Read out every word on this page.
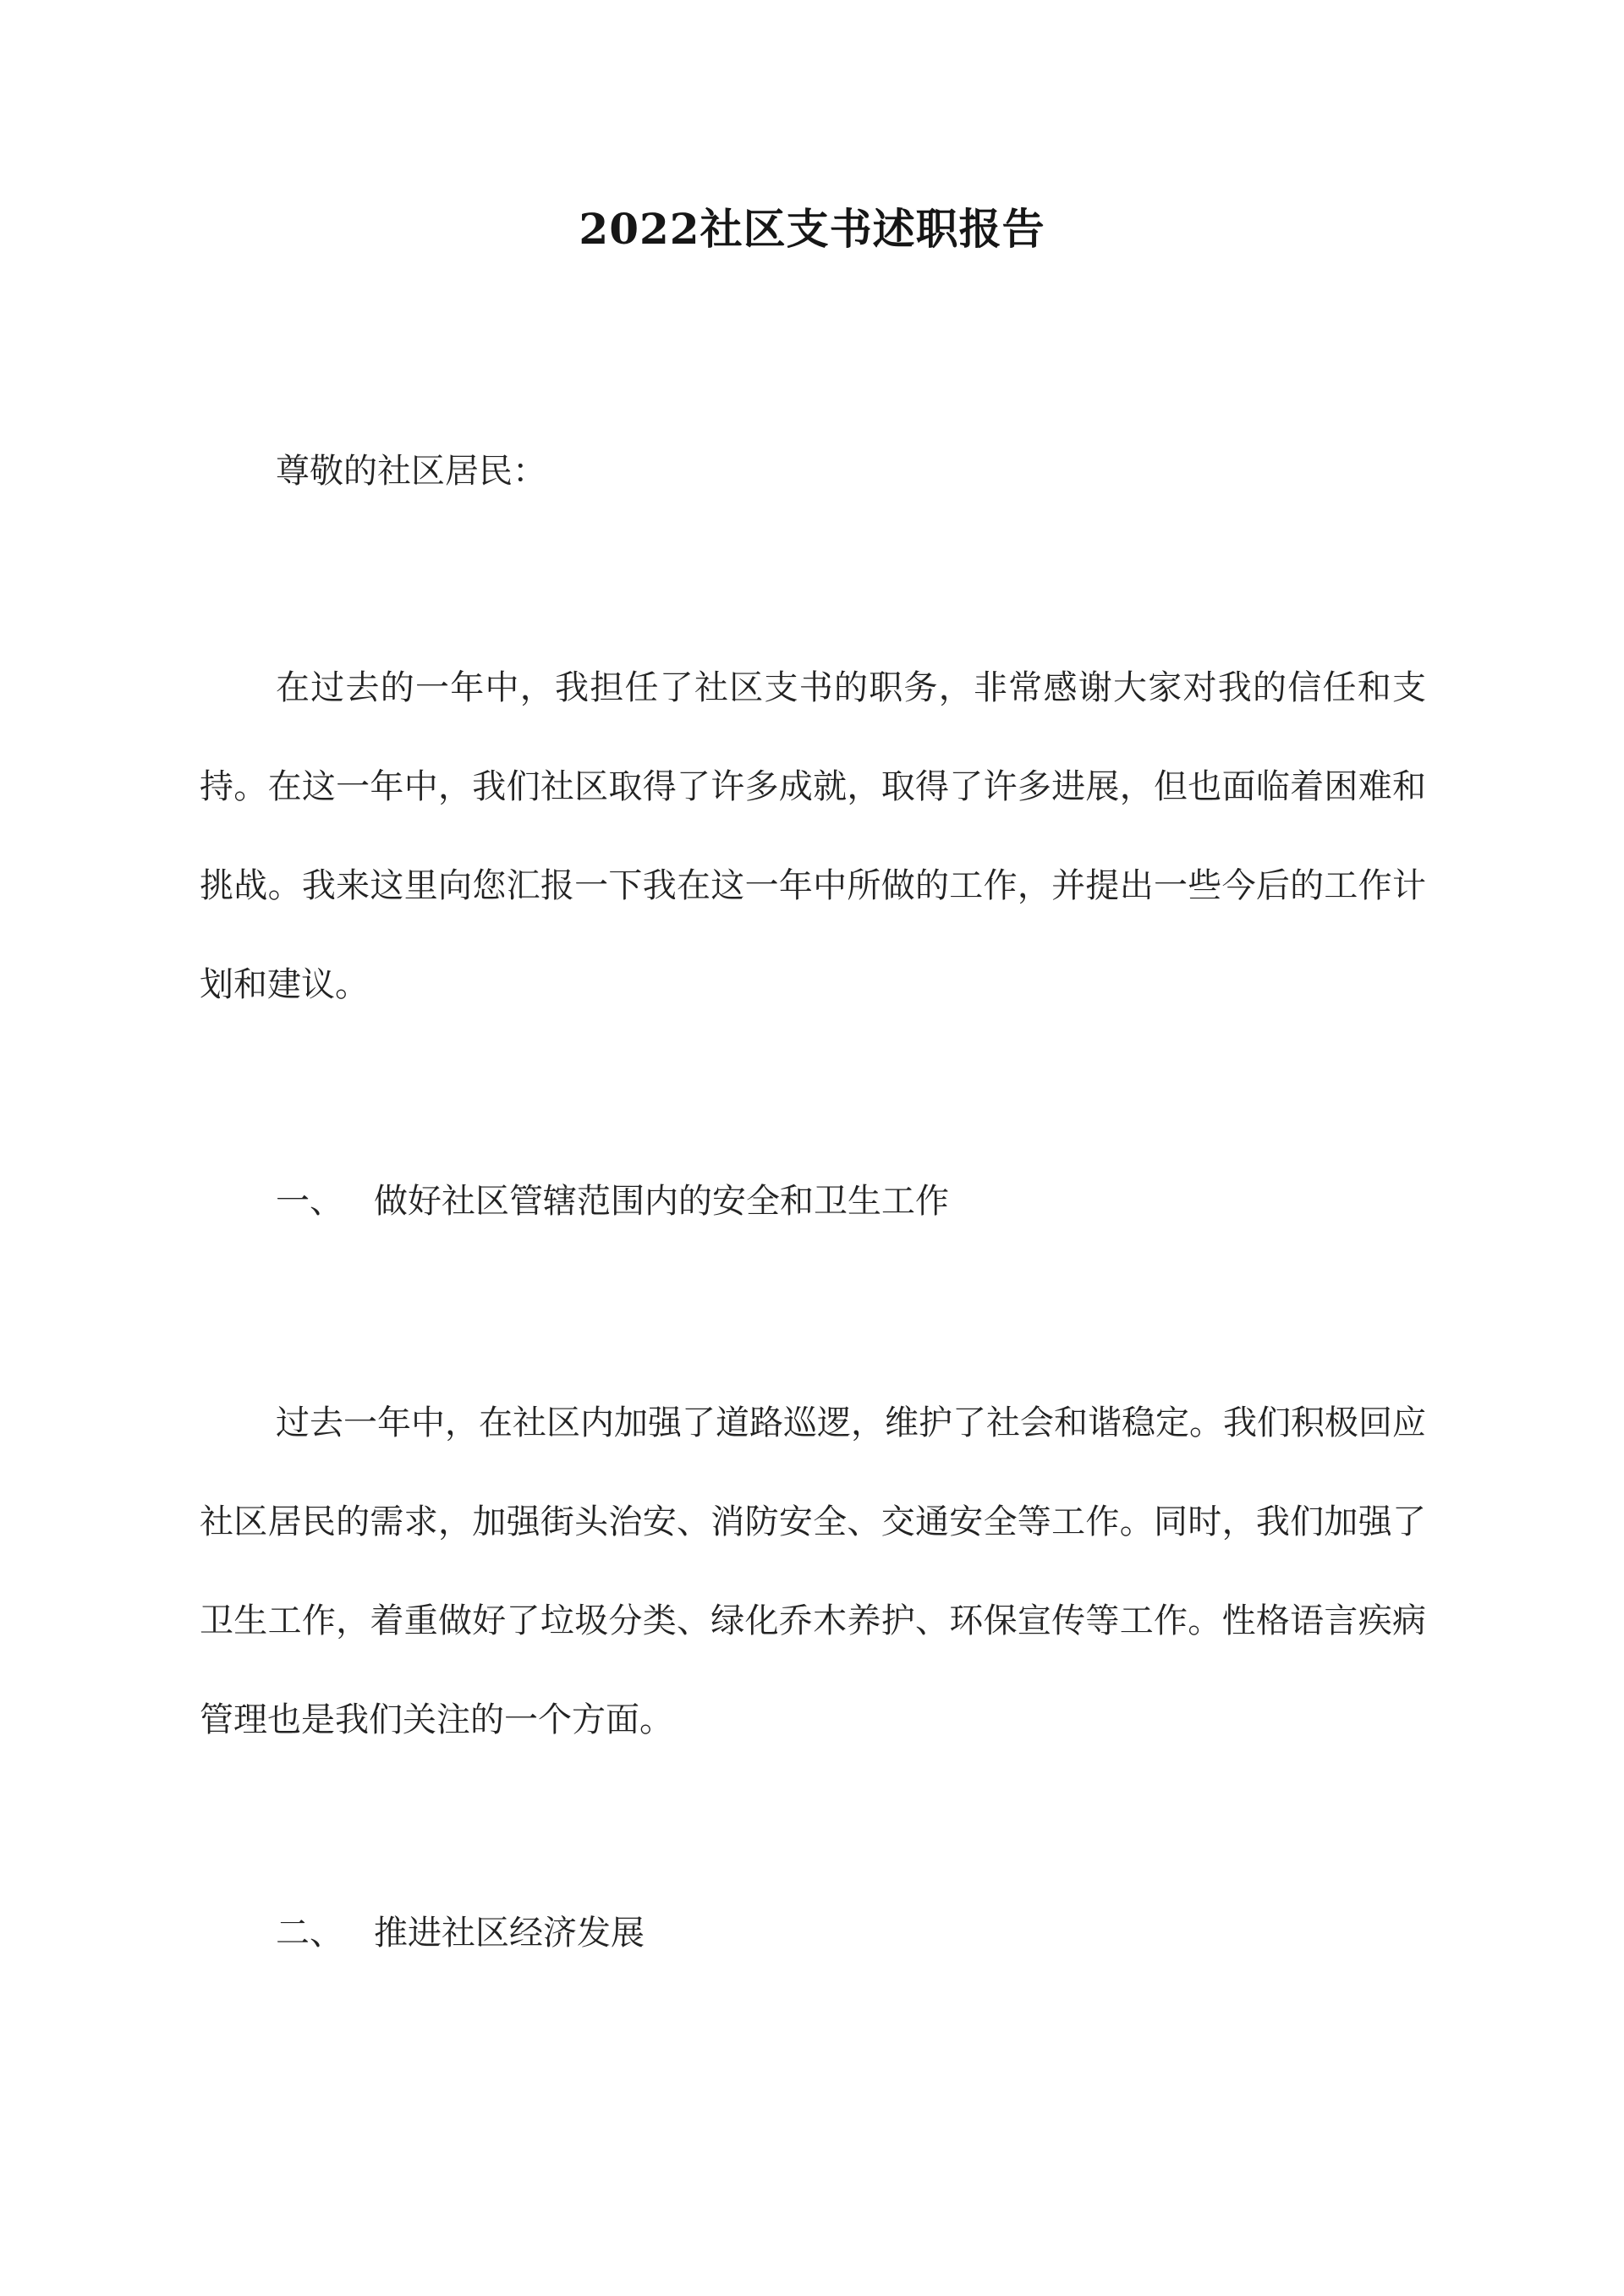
2022社区支书述职报告
尊敬的社区居民：

在过去的一年中，我担任了社区支书的职务，非常感谢大家对我的信任和支持。在这一年中，我们社区取得了许多成就，取得了许多进展，但也面临着困难和挑战。我来这里向您汇报一下我在这一年中所做的工作，并提出一些今后的工作计划和建议。

一、 做好社区管辖范围内的安全和卫生工作

过去一年中，在社区内加强了道路巡逻，维护了社会和谐稳定。我们积极回应社区居民的需求，加强街头治安、消防安全、交通安全等工作。同时，我们加强了卫生工作，着重做好了垃圾分类、绿化乔木养护、环保宣传等工作。性格语言疾病管理也是我们关注的一个方面。

二、 推进社区经济发展
